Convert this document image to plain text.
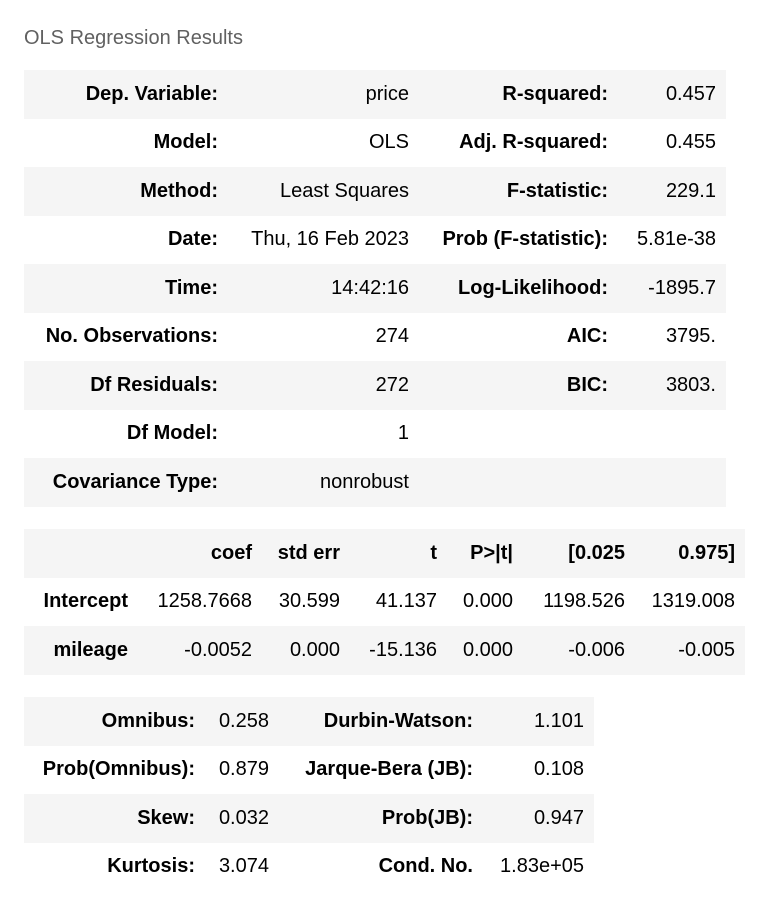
OLS Regression Results
Dep. Variable:	price	R-squared:	0.457
Model:	OLS	Adj. R-squared:	0.455
Method:	Least Squares	F-statistic:	229.1
Date:	Thu, 16 Feb 2023	Prob (F-statistic):	5.81e-38
Time:	14:42:16	Log-Likelihood:	-1895.7
No. Observations:	274	AIC:	3795.
Df Residuals:	272	BIC:	3803.
Df Model:	1		
Covariance Type:	nonrobust		
	coef	std err	t	P>|t|	[0.025	0.975]
Intercept	1258.7668	30.599	41.137	0.000	1198.526	1319.008
mileage	-0.0052	0.000	-15.136	0.000	-0.006	-0.005
Omnibus:	0.258	Durbin-Watson:	1.101
Prob(Omnibus):	0.879	Jarque-Bera (JB):	0.108
Skew:	0.032	Prob(JB):	0.947
Kurtosis:	3.074	Cond. No.	1.83e+05
